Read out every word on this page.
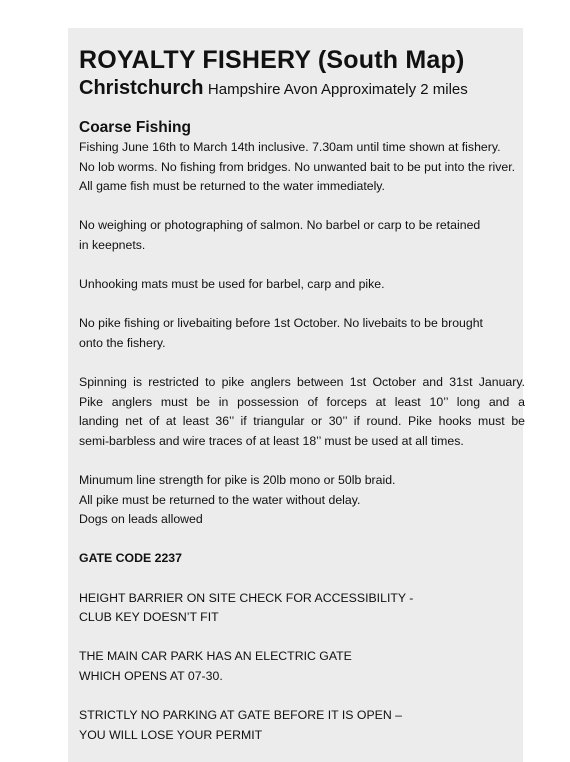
ROYALTY FISHERY (South Map)

Christchurch Hampshire Avon Approximately 2 miles

Coarse Fishing

Fishing June 16th to March 14th inclusive. 7.30am until time shown at fishery.
No lob worms. No fishing from bridges. No unwanted bait to be put into the river.
All game fish must be returned to the water immediately.

No weighing or photographing of salmon. No barbel or carp to be retained
in keepnets.

Unhooking mats must be used for barbel, carp and pike.

No pike fishing or livebaiting before 1st October. No livebaits to be brought
onto the fishery.

Spinning is restricted to pike anglers between 1st October and 31st January.
Pike anglers must be in possession of forceps at least 10’’ long and a
landing net of at least 36’’ if triangular or 30’’ if round. Pike hooks must be
semi-barbless and wire traces of at least 18’’ must be used at all times.

Minumum line strength for pike is 20lb mono or 50lb braid.
All pike must be returned to the water without delay.
Dogs on leads allowed

GATE CODE 2237

HEIGHT BARRIER ON SITE CHECK FOR ACCESSIBILITY -
CLUB KEY DOESN’T FIT

THE MAIN CAR PARK HAS AN ELECTRIC GATE
WHICH OPENS AT 07-30.

STRICTLY NO PARKING AT GATE BEFORE IT IS OPEN –
YOU WILL LOSE YOUR PERMIT
